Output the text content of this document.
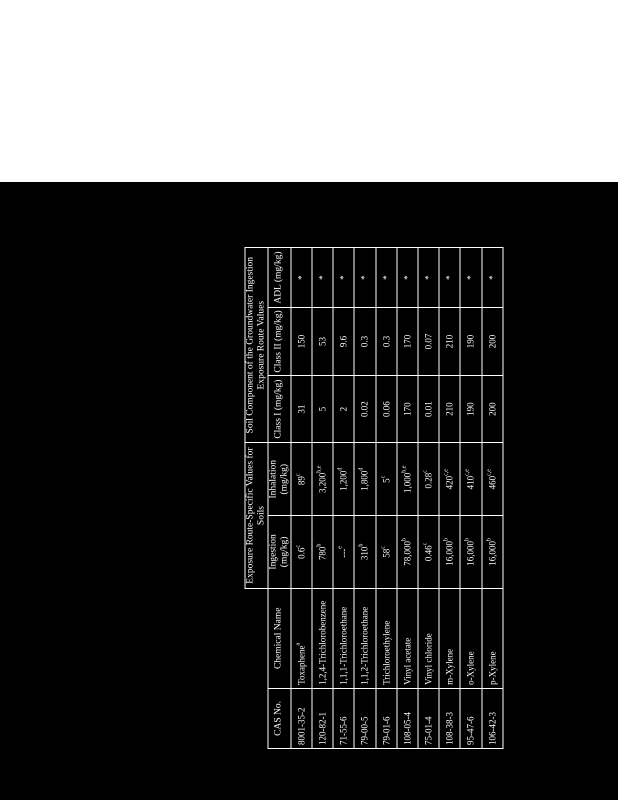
		Exposure Route-Specific Values for Soils		Soil Component of the Groundwater Ingestion Exposure Route Values		
CAS No.	Chemical Name	Ingestion (mg/kg)	Inhalation (mg/kg)	Class I (mg/kg)	Class II (mg/kg)	ADL (mg/kg)
8001-35-2	Toxaphene$^a$	0.6$^c$	89$^c$	31	150	*
120-82-1	1,2,4-Trichlorobenzene	780$^b$	3,200$^{b,e}$	5	53	*
71-55-6	1,1,1-Trichloroethane	---$^e$	1,200$^d$	2	9.6	*
79-00-5	1,1,2-Trichloroethane	310$^b$	1,800$^d$	0.02	0.3	*
79-01-6	Trichloroethylene	58$^c$	5$^c$	0.06	0.3	*
108-05-4	Vinyl acetate	78,000$^b$	1,000$^{b,e}$	170	170	*
75-01-4	Vinyl chloride	0.46$^c$	0.28$^c$	0.01	0.07	*
108-38-3	m-Xylene	16,000$^b$	420$^{c,e}$	210	210	*
95-47-6	o-Xylene	16,000$^b$	410$^{c,e}$	190	190	*
106-42-3	p-Xylene	16,000$^b$	460$^{c,e}$	200	200	*
